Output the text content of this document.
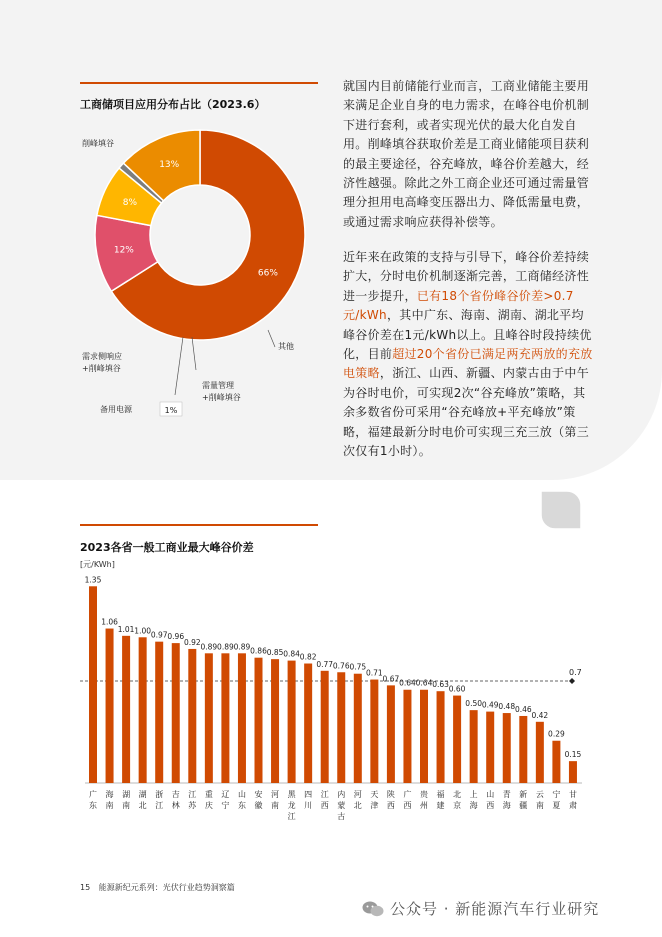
工商储项目应用分布占比（2023.6）
66%
12%
8%
13%
1%
削峰填谷
其他
需量管理
+削峰填谷
备用电源
需求侧响应
+削峰填谷
就国内目前储能行业而言，工商业储能主要用来满足企业自身的电力需求，在峰谷电价机制下进行套利，或者实现光伏的最大化自发自用。削峰填谷获取价差是工商业储能项目获利的最主要途径，谷充峰放，峰谷价差越大，经济性越强。除此之外工商企业还可通过需量管理分担用电高峰变压器出力、降低需量电费，或通过需求响应获得补偿等。
近年来在政策的支持与引导下，峰谷价差持续扩大，分时电价机制逐渐完善，工商储经济性进一步提升，已有18个省份峰谷价差>0.7元/kWh，其中广东、海南、湖南、湖北平均峰谷价差在1元/kWh以上。且峰谷时段持续优化，目前超过20个省份已满足两充两放的充放电策略，浙江、山西、新疆、内蒙古由于中午为谷时电价，可实现2次“谷充峰放”策略，其余多数省份可采用“谷充峰放+平充峰放”策略，福建最新分时电价可实现三充三放（第三次仅有1小时）。
2023各省一般工商业最大峰谷价差
[元/KWh]
0.7
1.35
广东
1.06
海南
1.01
湖南
1.00
湖北
0.97
浙江
0.96
吉林
0.92
江苏
0.89
重庆
0.89
辽宁
0.89
山东
0.86
安徽
0.85
河南
0.84
黑龙江
0.82
四川
0.77
江西
0.76
内蒙古
0.75
河北
0.71
天津
0.67
陕西
0.64
广西
0.64
贵州
0.63
福建
0.60
北京
0.50
上海
0.49
山西
0.48
青海
0.46
新疆
0.42
云南
0.29
宁夏
0.15
甘肃
15 能源新纪元系列：光伏行业趋势洞察篇
公众号 · 新能源汽车行业研究
